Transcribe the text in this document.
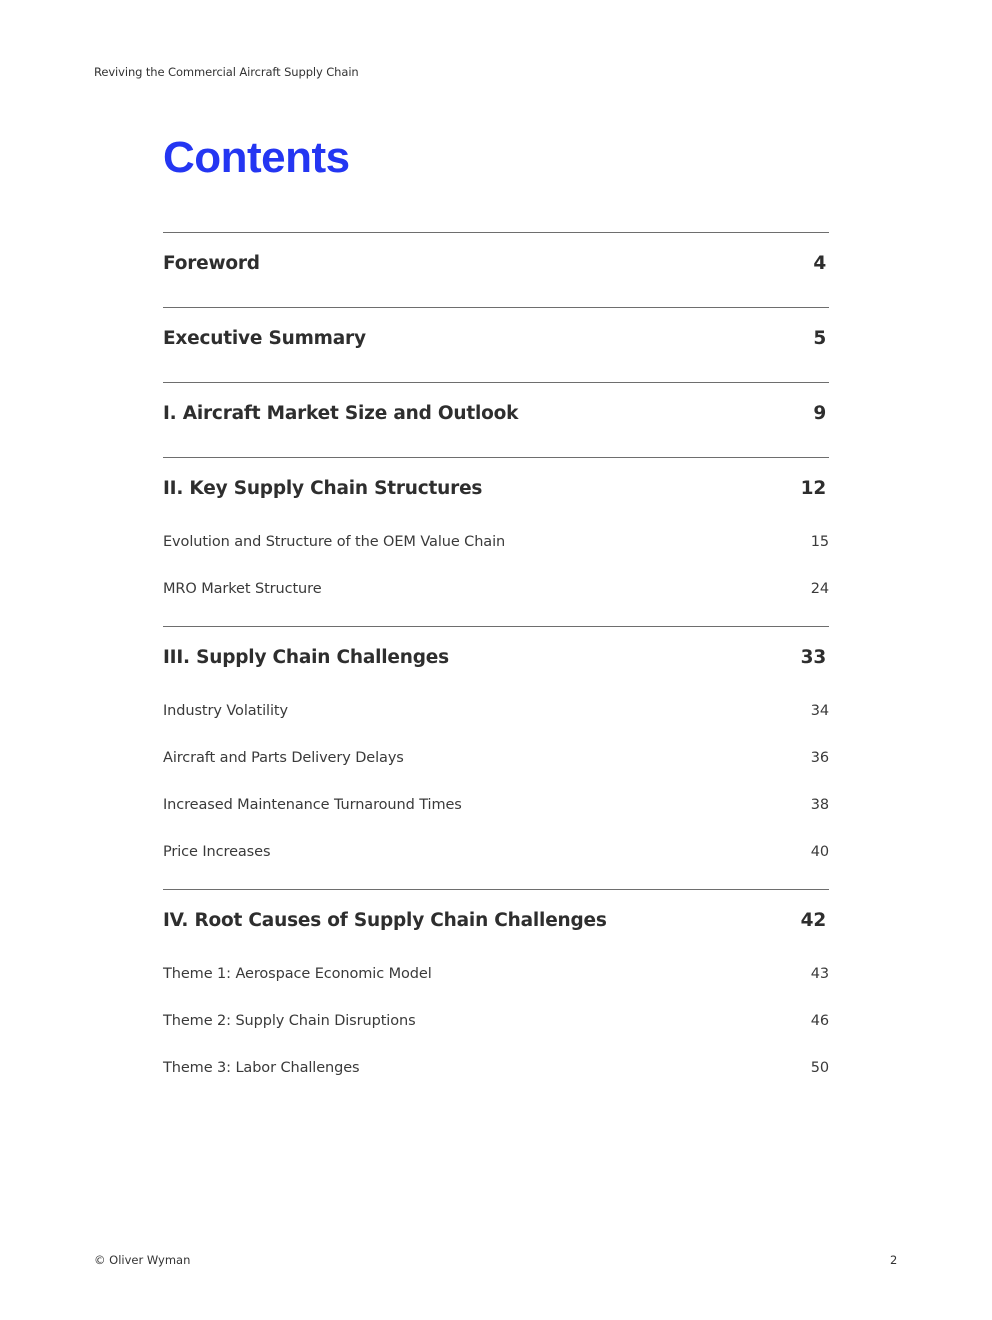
Reviving the Commercial Aircraft Supply Chain
Contents
Foreword	4
Executive Summary	5
I. Aircraft Market Size and Outlook	9
II. Key Supply Chain Structures	12
Evolution and Structure of the OEM Value Chain	15
MRO Market Structure	24
III. Supply Chain Challenges	33
Industry Volatility	34
Aircraft and Parts Delivery Delays	36
Increased Maintenance Turnaround Times	38
Price Increases	40
IV. Root Causes of Supply Chain Challenges	42
Theme 1: Aerospace Economic Model	43
Theme 2: Supply Chain Disruptions	46
Theme 3: Labor Challenges	50
© Oliver Wyman	2
